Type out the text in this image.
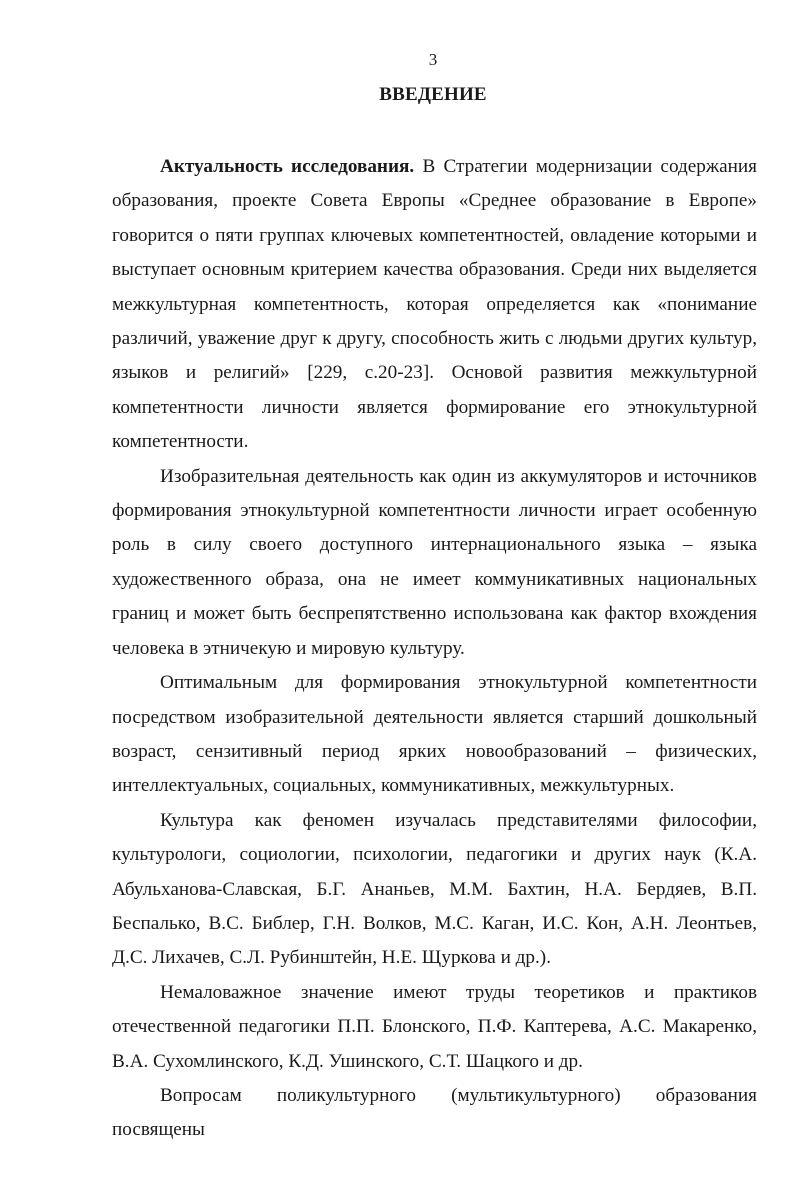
3
ВВЕДЕНИЕ

Актуальность исследования. В Стратегии модернизации содержания образования, проекте Совета Европы «Среднее образование в Европе» говорится о пяти группах ключевых компетентностей, овладение которыми и выступает основным критерием качества образования. Среди них выделяется межкультурная компетентность, которая определяется как «понимание различий, уважение друг к другу, способность жить с людьми других культур, языков и религий» [229, с.20-23]. Основой развития межкультурной компетентности личности является формирование его этнокультурной компетентности.

Изобразительная деятельность как один из аккумуляторов и источников формирования этнокультурной компетентности личности играет особенную роль в силу своего доступного интернационального языка – языка художественного образа, она не имеет коммуникативных национальных границ и может быть беспрепятственно использована как фактор вхождения человека в этничекую и мировую культуру.

Оптимальным для формирования этнокультурной компетентности посредством изобразительной деятельности является старший дошкольный возраст, сензитивный период ярких новообразований – физических, интеллектуальных, социальных, коммуникативных, межкультурных.

Культура как феномен изучалась представителями философии, культурологи, социологии, психологии, педагогики и других наук (К.А. Абульханова-Славская, Б.Г. Ананьев, М.М. Бахтин, Н.А. Бердяев, В.П. Беспалько, В.С. Библер, Г.Н. Волков, М.С. Каган, И.С. Кон, А.Н. Леонтьев, Д.С. Лихачев, С.Л. Рубинштейн, Н.Е. Щуркова и др.).

Немаловажное значение имеют труды теоретиков и практиков отечественной педагогики П.П. Блонского, П.Ф. Каптерева, А.С. Макаренко, В.А. Сухомлинского, К.Д. Ушинского, С.Т. Шацкого и др.

Вопросам поликультурного (мультикультурного) образования посвящены
